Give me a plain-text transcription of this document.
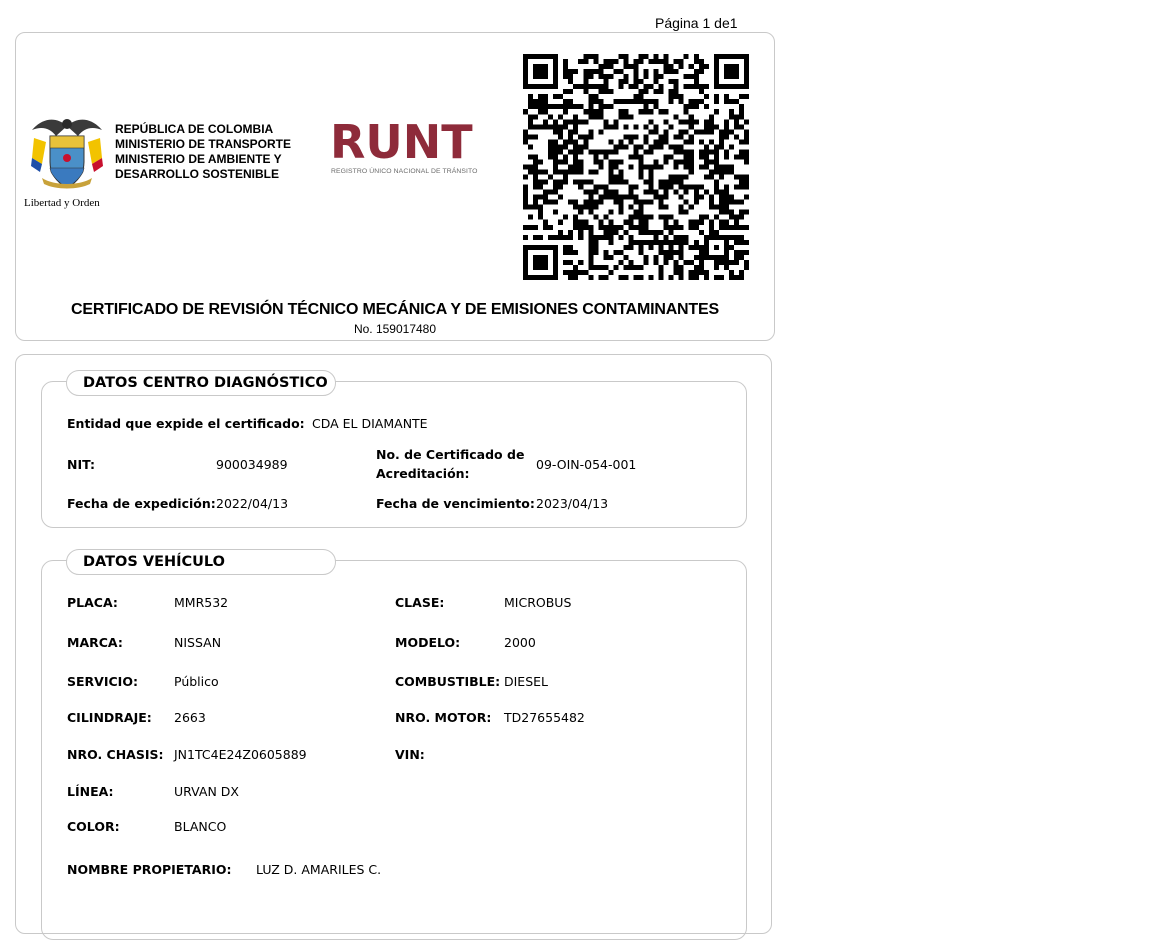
Página 1 de1
Libertad y Orden
REPÚBLICA DE COLOMBIA
MINISTERIO DE TRANSPORTE
MINISTERIO DE AMBIENTE Y
DESARROLLO SOSTENIBLE
RUNT
REGISTRO ÚNICO NACIONAL DE TRÁNSITO
CERTIFICADO DE REVISIÓN TÉCNICO MECÁNICA Y DE EMISIONES CONTAMINANTES
No. 159017480
DATOS CENTRO DIAGNÓSTICO
Entidad que expide el certificado: CDA EL DIAMANTE
NIT:	900034989
No. de Certificado de
Acreditación:
09-OIN-054-001
Fecha de expedición: 2022/04/13	Fecha de vencimiento: 2023/04/13
DATOS VEHÍCULO
PLACA:	MMR532	CLASE:	MICROBUS
MARCA:	NISSAN	MODELO:	2000
SERVICIO:	Público	COMBUSTIBLE: DIESEL
CILINDRAJE: 2663	NRO. MOTOR: TD27655482
NRO. CHASIS: JN1TC4E24Z0605889	VIN:
LÍNEA:	URVAN DX
COLOR:	BLANCO
NOMBRE PROPIETARIO: LUZ D. AMARILES C.
